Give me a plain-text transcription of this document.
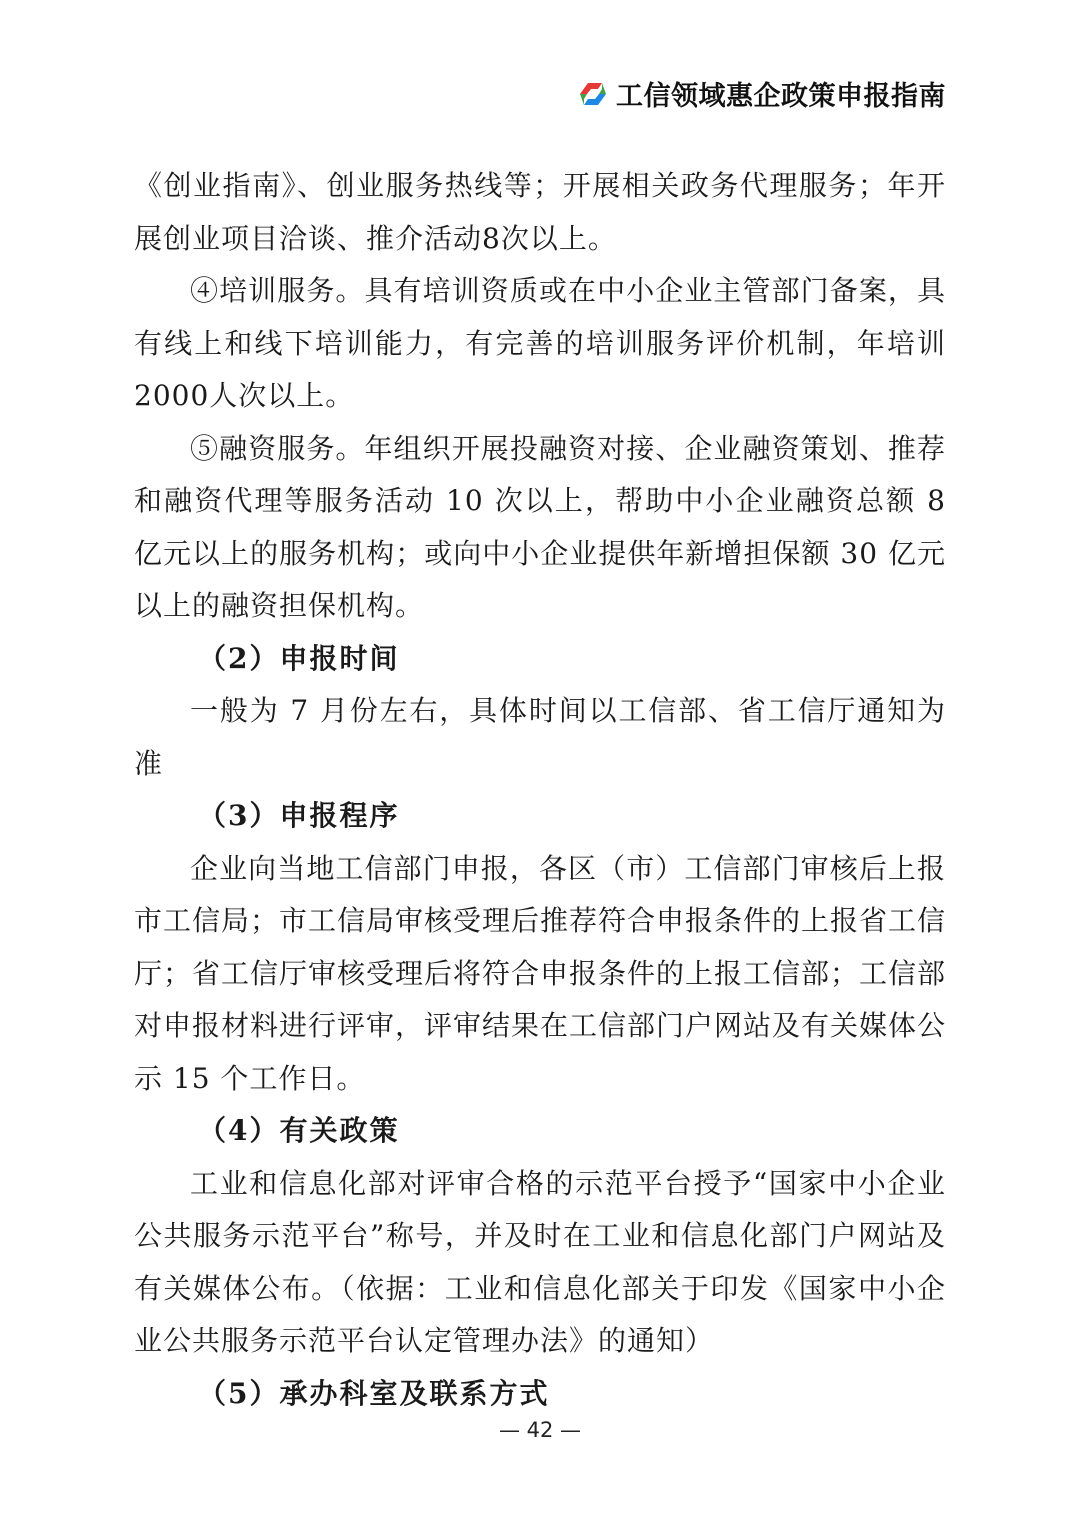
工信领域惠企政策申报指南

《创业指南》、创业服务热线等；开展相关政务代理服务；年开展创业项目洽谈、推介活动8次以上。

④培训服务。具有培训资质或在中小企业主管部门备案，具有线上和线下培训能力，有完善的培训服务评价机制，年培训2000人次以上。

⑤融资服务。年组织开展投融资对接、企业融资策划、推荐和融资代理等服务活动 10 次以上，帮助中小企业融资总额 8 亿元以上的服务机构；或向中小企业提供年新增担保额 30 亿元以上的融资担保机构。

（2）申报时间

一般为 7 月份左右，具体时间以工信部、省工信厅通知为准

（3）申报程序

企业向当地工信部门申报，各区（市）工信部门审核后上报市工信局；市工信局审核受理后推荐符合申报条件的上报省工信厅；省工信厅审核受理后将符合申报条件的上报工信部；工信部对申报材料进行评审，评审结果在工信部门户网站及有关媒体公示 15 个工作日。

（4）有关政策

工业和信息化部对评审合格的示范平台授予“国家中小企业公共服务示范平台”称号，并及时在工业和信息化部门户网站及有关媒体公布。（依据：工业和信息化部关于印发《国家中小企业公共服务示范平台认定管理办法》的通知）

（5）承办科室及联系方式

— 42 —
